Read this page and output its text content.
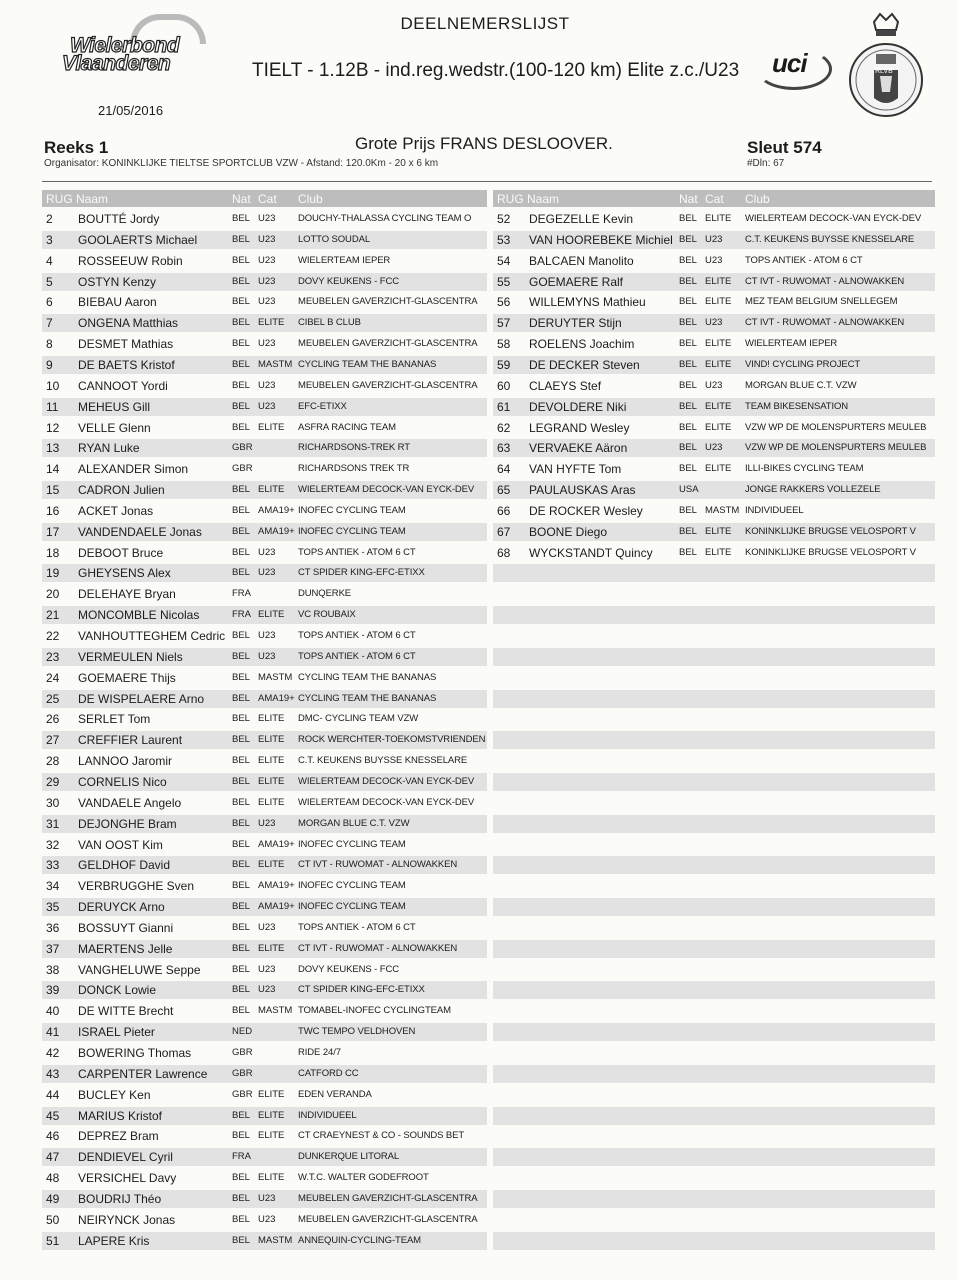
Wielerbond
Vlaanderen
21/05/2016
DEELNEMERSLIJST
TIELT - 1.12B - ind.reg.wedstr.(100-120 km) Elite z.c./U23 uci	RLVB
Reeks 1
Organisator: KONINKLIJKE TIELTSE SPORTCLUB VZW - Afstand: 120.0Km - 20 x 6 km
Grote Prijs FRANS DESLOOVER.	Sleut 574
#Dln: 67
RUG Naam	Nat Cat Club	RUG Naam	Nat Cat Club
2 BOUTTÉ Jordy	BEL U23 DOUCHY-THALASSA CYCLING TEAM O
3 GOOLAERTS Michael	BEL U23 LOTTO SOUDAL
4 ROSSEEUW Robin	BEL U23 WIELERTEAM IEPER
5 OSTYN Kenzy	BEL U23 DOVY KEUKENS - FCC
6 BIEBAU Aaron	BEL U23 MEUBELEN GAVERZICHT-GLASCENTRA
7 ONGENA Matthias	BEL ELITE CIBEL B CLUB
8 DESMET Mathias	BEL U23 MEUBELEN GAVERZICHT-GLASCENTRA
9 DE BAETS Kristof	BEL MASTM CYCLING TEAM THE BANANAS
10 CANNOOT Yordi	BEL U23 MEUBELEN GAVERZICHT-GLASCENTRA
11 MEHEUS Gill	BEL U23 EFC-ETIXX
12 VELLE Glenn	BEL ELITE ASFRA RACING TEAM
13 RYAN Luke	GBR	RICHARDSONS-TREK RT
14 ALEXANDER Simon	GBR	RICHARDSONS TREK TR
15 CADRON Julien	BEL ELITE WIELERTEAM DECOCK-VAN EYCK-DEV
16 ACKET Jonas	BEL AMA19+ INOFEC CYCLING TEAM
17 VANDENDAELE Jonas	BEL AMA19+ INOFEC CYCLING TEAM
18 DEBOOT Bruce	BEL U23 TOPS ANTIEK - ATOM 6 CT
19 GHEYSENS Alex	BEL U23 CT SPIDER KING-EFC-ETIXX
20 DELEHAYE Bryan	FRA	DUNQERKE
21 MONCOMBLE Nicolas	FRA ELITE VC ROUBAIX
22 VANHOUTTEGHEM Cedric BEL U23 TOPS ANTIEK - ATOM 6 CT
23 VERMEULEN Niels	BEL U23 TOPS ANTIEK - ATOM 6 CT
24 GOEMAERE Thijs	BEL MASTM CYCLING TEAM THE BANANAS
25 DE WISPELAERE Arno	BEL AMA19+ CYCLING TEAM THE BANANAS
26 SERLET Tom	BEL ELITE DMC- CYCLING TEAM VZW
27 CREFFIER Laurent	BEL ELITE ROCK WERCHTER-TOEKOMSTVRIENDEN
28 LANNOO Jaromir	BEL ELITE C.T. KEUKENS BUYSSE KNESSELARE
29 CORNELIS Nico	BEL ELITE WIELERTEAM DECOCK-VAN EYCK-DEV
30 VANDAELE Angelo	BEL ELITE WIELERTEAM DECOCK-VAN EYCK-DEV
31 DEJONGHE Bram	BEL U23 MORGAN BLUE C.T. VZW
32 VAN OOST Kim	BEL AMA19+ INOFEC CYCLING TEAM
33 GELDHOF David	BEL ELITE CT IVT - RUWOMAT - ALNOWAKKEN
34 VERBRUGGHE Sven	BEL AMA19+ INOFEC CYCLING TEAM
35 DERUYCK Arno	BEL AMA19+ INOFEC CYCLING TEAM
36 BOSSUYT Gianni	BEL U23 TOPS ANTIEK - ATOM 6 CT
37 MAERTENS Jelle	BEL ELITE CT IVT - RUWOMAT - ALNOWAKKEN
38 VANGHELUWE Seppe	BEL U23 DOVY KEUKENS - FCC
39 DONCK Lowie	BEL U23 CT SPIDER KING-EFC-ETIXX
40 DE WITTE Brecht	BEL MASTM TOMABEL-INOFEC CYCLINGTEAM
41 ISRAEL Pieter	NED	TWC TEMPO VELDHOVEN
42 BOWERING Thomas	GBR	RIDE 24/7
43 CARPENTER Lawrence	GBR	CATFORD CC
44 BUCLEY Ken	GBR ELITE EDEN VERANDA
45 MARIUS Kristof	BEL ELITE INDIVIDUEEL
46 DEPREZ Bram	BEL ELITE CT CRAEYNEST & CO - SOUNDS BET
47 DENDIEVEL Cyril	FRA	DUNKERQUE LITORAL
48 VERSICHEL Davy	BEL ELITE W.T.C. WALTER GODEFROOT
49 BOUDRIJ Théo	BEL U23 MEUBELEN GAVERZICHT-GLASCENTRA
50 NEIRYNCK Jonas	BEL U23 MEUBELEN GAVERZICHT-GLASCENTRA
51 LAPERE Kris	BEL MASTM ANNEQUIN-CYCLING-TEAM
52 DEGEZELLE Kevin	BEL ELITE WIELERTEAM DECOCK-VAN EYCK-DEV
53 VAN HOOREBEKE Michiel BEL U23 C.T. KEUKENS BUYSSE KNESSELARE
54 BALCAEN Manolito	BEL U23 TOPS ANTIEK - ATOM 6 CT
55 GOEMAERE Ralf	BEL ELITE CT IVT - RUWOMAT - ALNOWAKKEN
56 WILLEMYNS Mathieu	BEL ELITE MEZ TEAM BELGIUM SNELLEGEM
57 DERUYTER Stijn	BEL U23 CT IVT - RUWOMAT - ALNOWAKKEN
58 ROELENS Joachim	BEL ELITE WIELERTEAM IEPER
59 DE DECKER Steven	BEL ELITE VIND! CYCLING PROJECT
60 CLAEYS Stef	BEL U23 MORGAN BLUE C.T. VZW
61 DEVOLDERE Niki	BEL ELITE TEAM BIKESENSATION
62 LEGRAND Wesley	BEL ELITE VZW WP DE MOLENSPURTERS MEULEB
63 VERVAEKE Aäron	BEL U23 VZW WP DE MOLENSPURTERS MEULEB
64 VAN HYFTE Tom	BEL ELITE ILLI-BIKES CYCLING TEAM
65 PAULAUSKAS Aras	USA	JONGE RAKKERS VOLLEZELE
66 DE ROCKER Wesley	BEL MASTM INDIVIDUEEL
67 BOONE Diego	BEL ELITE KONINKLIJKE BRUGSE VELOSPORT V
68 WYCKSTANDT Quincy	BEL ELITE KONINKLIJKE BRUGSE VELOSPORT V
